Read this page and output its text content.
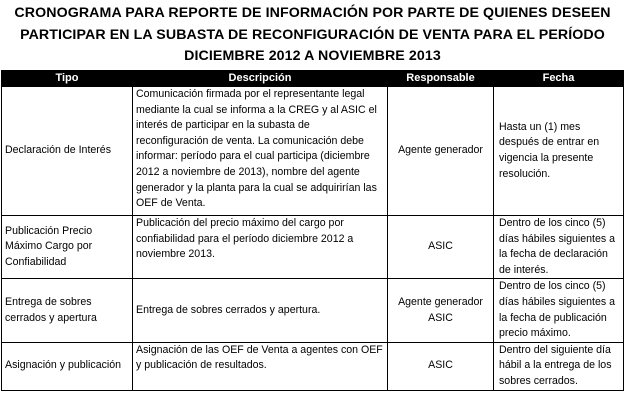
CRONOGRAMA PARA REPORTE DE INFORMACIÓN POR PARTE DE QUIENES DESEEN
PARTICIPAR EN LA SUBASTA DE RECONFIGURACIÓN DE VENTA PARA EL PERÍODO
DICIEMBRE 2012 A NOVIEMBRE 2013
Tipo	Descripción	Responsable	Fecha
Declaración de Interés	Comunicación firmada por el representante legal mediante la cual se informa a la CREG y al ASIC el interés de participar en la subasta de reconfiguración de venta. La comunicación debe informar: período para el cual participa (diciembre 2012 a noviembre de 2013), nombre del agente generador y la planta para la cual se adquirirían las OEF de Venta.	Agente generador	Hasta un (1) mes después de entrar en vigencia la presente resolución.

Publicación Precio Máximo Cargo por Confiabilidad	Publicación del precio máximo del cargo por confiabilidad para el período diciembre 2012 a noviembre 2013.	ASIC	Dentro de los cinco (5) días hábiles siguientes a la fecha de declaración de interés.

Entrega de sobres cerrados y apertura	Entrega de sobres cerrados y apertura.	Agente generador ASIC	Dentro de los cinco (5) días hábiles siguientes a la fecha de publicación precio máximo.

Asignación y publicación	Asignación de las OEF de Venta a agentes con OEF y publicación de resultados.	ASIC	Dentro del siguiente día hábil a la entrega de los sobres cerrados.
